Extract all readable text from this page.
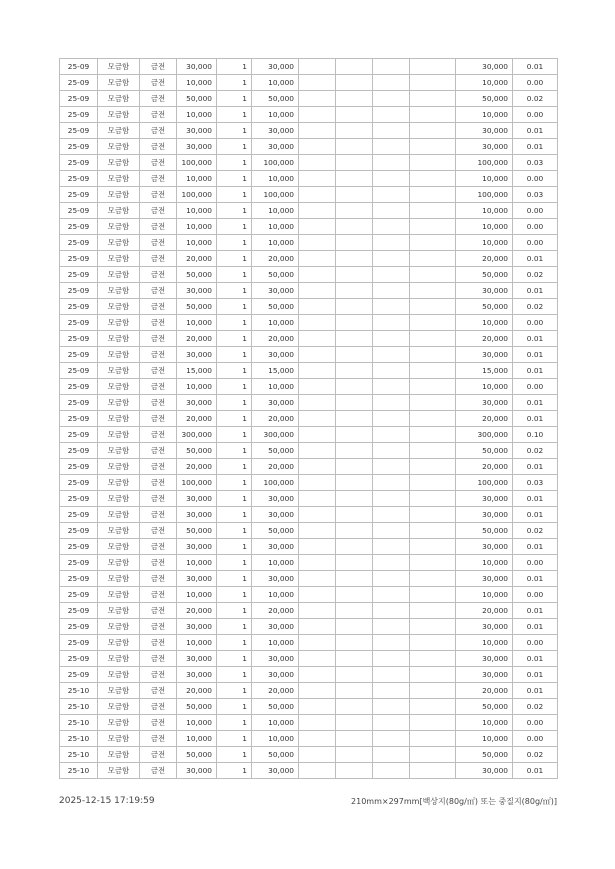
25-09	모금함	금전	30,000	1	30,000					30,000	0.01
25-09	모금함	금전	10,000	1	10,000					10,000	0.00
25-09	모금함	금전	50,000	1	50,000					50,000	0.02
25-09	모금함	금전	10,000	1	10,000					10,000	0.00
25-09	모금함	금전	30,000	1	30,000					30,000	0.01
25-09	모금함	금전	30,000	1	30,000					30,000	0.01
25-09	모금함	금전	100,000	1	100,000					100,000	0.03
25-09	모금함	금전	10,000	1	10,000					10,000	0.00
25-09	모금함	금전	100,000	1	100,000					100,000	0.03
25-09	모금함	금전	10,000	1	10,000					10,000	0.00
25-09	모금함	금전	10,000	1	10,000					10,000	0.00
25-09	모금함	금전	10,000	1	10,000					10,000	0.00
25-09	모금함	금전	20,000	1	20,000					20,000	0.01
25-09	모금함	금전	50,000	1	50,000					50,000	0.02
25-09	모금함	금전	30,000	1	30,000					30,000	0.01
25-09	모금함	금전	50,000	1	50,000					50,000	0.02
25-09	모금함	금전	10,000	1	10,000					10,000	0.00
25-09	모금함	금전	20,000	1	20,000					20,000	0.01
25-09	모금함	금전	30,000	1	30,000					30,000	0.01
25-09	모금함	금전	15,000	1	15,000					15,000	0.01
25-09	모금함	금전	10,000	1	10,000					10,000	0.00
25-09	모금함	금전	30,000	1	30,000					30,000	0.01
25-09	모금함	금전	20,000	1	20,000					20,000	0.01
25-09	모금함	금전	300,000	1	300,000					300,000	0.10
25-09	모금함	금전	50,000	1	50,000					50,000	0.02
25-09	모금함	금전	20,000	1	20,000					20,000	0.01
25-09	모금함	금전	100,000	1	100,000					100,000	0.03
25-09	모금함	금전	30,000	1	30,000					30,000	0.01
25-09	모금함	금전	30,000	1	30,000					30,000	0.01
25-09	모금함	금전	50,000	1	50,000					50,000	0.02
25-09	모금함	금전	30,000	1	30,000					30,000	0.01
25-09	모금함	금전	10,000	1	10,000					10,000	0.00
25-09	모금함	금전	30,000	1	30,000					30,000	0.01
25-09	모금함	금전	10,000	1	10,000					10,000	0.00
25-09	모금함	금전	20,000	1	20,000					20,000	0.01
25-09	모금함	금전	30,000	1	30,000					30,000	0.01
25-09	모금함	금전	10,000	1	10,000					10,000	0.00
25-09	모금함	금전	30,000	1	30,000					30,000	0.01
25-09	모금함	금전	30,000	1	30,000					30,000	0.01
25-10	모금함	금전	20,000	1	20,000					20,000	0.01
25-10	모금함	금전	50,000	1	50,000					50,000	0.02
25-10	모금함	금전	10,000	1	10,000					10,000	0.00
25-10	모금함	금전	10,000	1	10,000					10,000	0.00
25-10	모금함	금전	50,000	1	50,000					50,000	0.02
25-10	모금함	금전	30,000	1	30,000					30,000	0.01
2025-12-15 17:19:59	210mm×297mm[백상지(80g/㎡) 또는 중질지(80g/㎡)]
